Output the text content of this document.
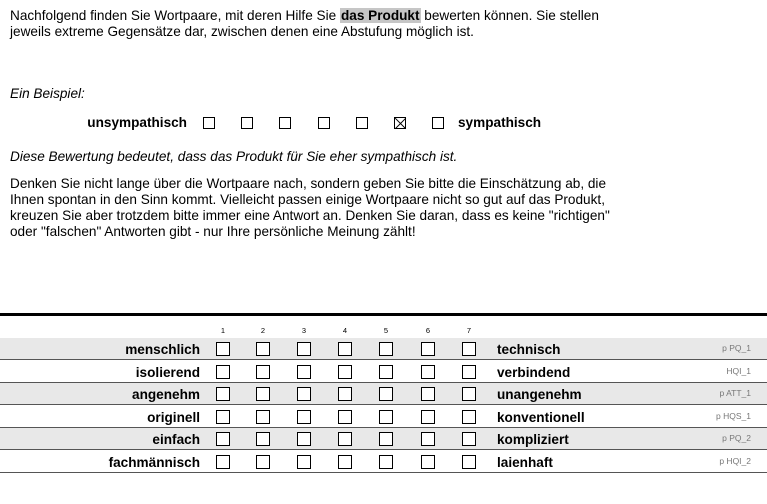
Nachfolgend finden Sie Wortpaare, mit deren Hilfe Sie das Produkt bewerten können. Sie stellen
jeweils extreme Gegensätze dar, zwischen denen eine Abstufung möglich ist.

Ein Beispiel:

unsympathisch	sympathisch

Diese Bewertung bedeutet, dass das Produkt für Sie eher sympathisch ist.

Denken Sie nicht lange über die Wortpaare nach, sondern geben Sie bitte die Einschätzung ab, die
Ihnen spontan in den Sinn kommt. Vielleicht passen einige Wortpaare nicht so gut auf das Produkt,
kreuzen Sie aber trotzdem bitte immer eine Antwort an. Denken Sie daran, dass es keine "richtigen"
oder "falschen" Antworten gibt - nur Ihre persönliche Meinung zählt!

1	2	3	4	5	6	7
menschlich	technisch	p PQ_1
isolierend	verbindend	HQI_1
angenehm	unangenehm	p ATT_1
originell	konventionell	p HQS_1
einfach	kompliziert	p PQ_2
fachmännisch	laienhaft	p HQI_2
